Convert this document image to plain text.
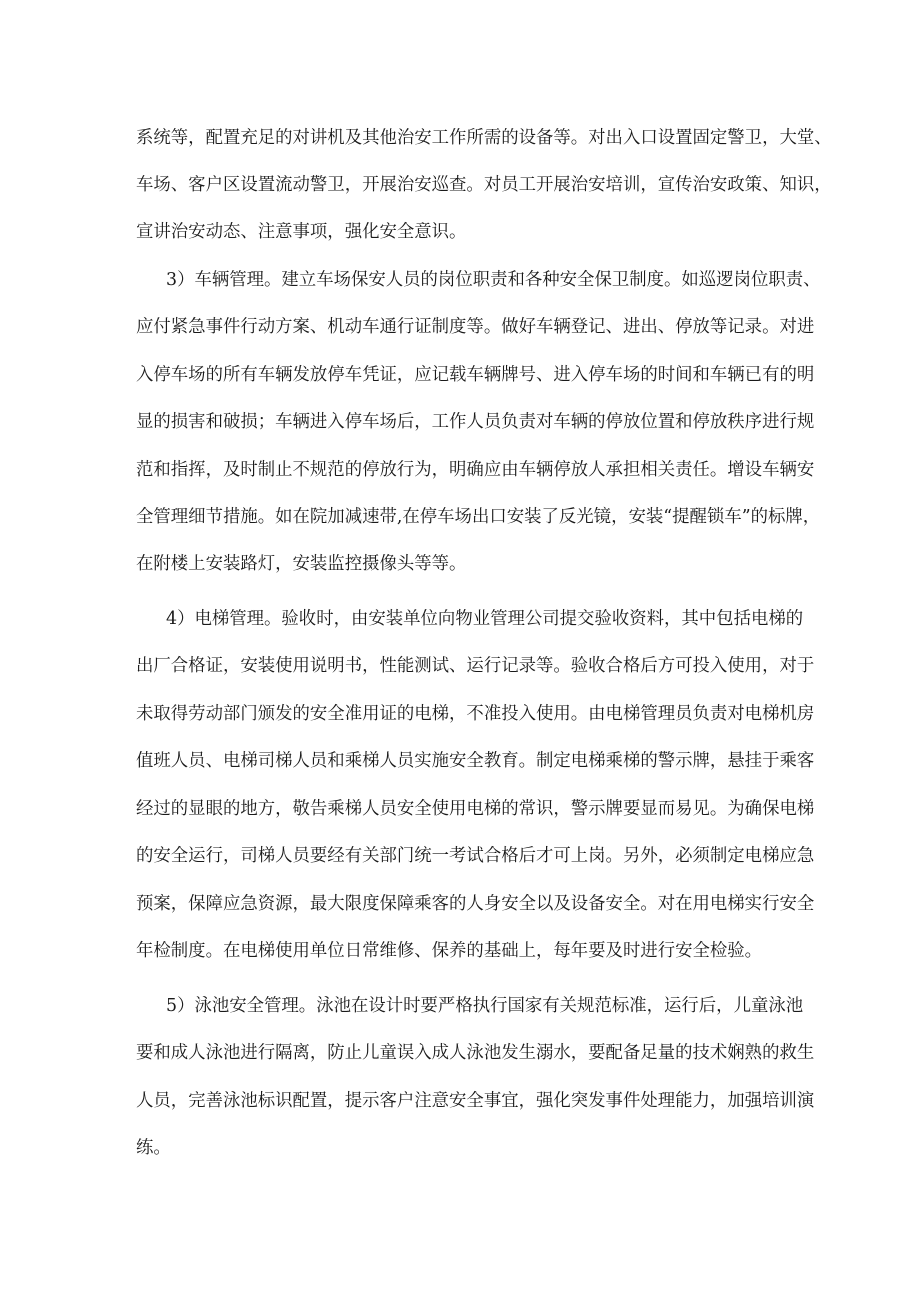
系统等，配置充足的对讲机及其他治安工作所需的设备等。对出入口设置固定警卫，大堂、
车场、客户区设置流动警卫，开展治安巡查。对员工开展治安培训，宣传治安政策、知识，
宣讲治安动态、注意事项，强化安全意识。
3）车辆管理。建立车场保安人员的岗位职责和各种安全保卫制度。如巡逻岗位职责、
应付紧急事件行动方案、机动车通行证制度等。做好车辆登记、进出、停放等记录。对进
入停车场的所有车辆发放停车凭证，应记载车辆牌号、进入停车场的时间和车辆已有的明
显的损害和破损；车辆进入停车场后，工作人员负责对车辆的停放位置和停放秩序进行规
范和指挥，及时制止不规范的停放行为，明确应由车辆停放人承担相关责任。增设车辆安
全管理细节措施。如在院加减速带,在停车场出口安装了反光镜，安装“提醒锁车”的标牌，
在附楼上安装路灯，安装监控摄像头等等。
4）电梯管理。验收时，由安装单位向物业管理公司提交验收资料，其中包括电梯的
出厂合格证，安装使用说明书，性能测试、运行记录等。验收合格后方可投入使用，对于
未取得劳动部门颁发的安全准用证的电梯，不准投入使用。由电梯管理员负责对电梯机房
值班人员、电梯司梯人员和乘梯人员实施安全教育。制定电梯乘梯的警示牌，悬挂于乘客
经过的显眼的地方，敬告乘梯人员安全使用电梯的常识，警示牌要显而易见。为确保电梯
的安全运行，司梯人员要经有关部门统一考试合格后才可上岗。另外，必须制定电梯应急
预案，保障应急资源，最大限度保障乘客的人身安全以及设备安全。对在用电梯实行安全
年检制度。在电梯使用单位日常维修、保养的基础上，每年要及时进行安全检验。
5）泳池安全管理。泳池在设计时要严格执行国家有关规范标准，运行后，儿童泳池
要和成人泳池进行隔离，防止儿童误入成人泳池发生溺水，要配备足量的技术娴熟的救生
人员，完善泳池标识配置，提示客户注意安全事宜，强化突发事件处理能力，加强培训演
练。
